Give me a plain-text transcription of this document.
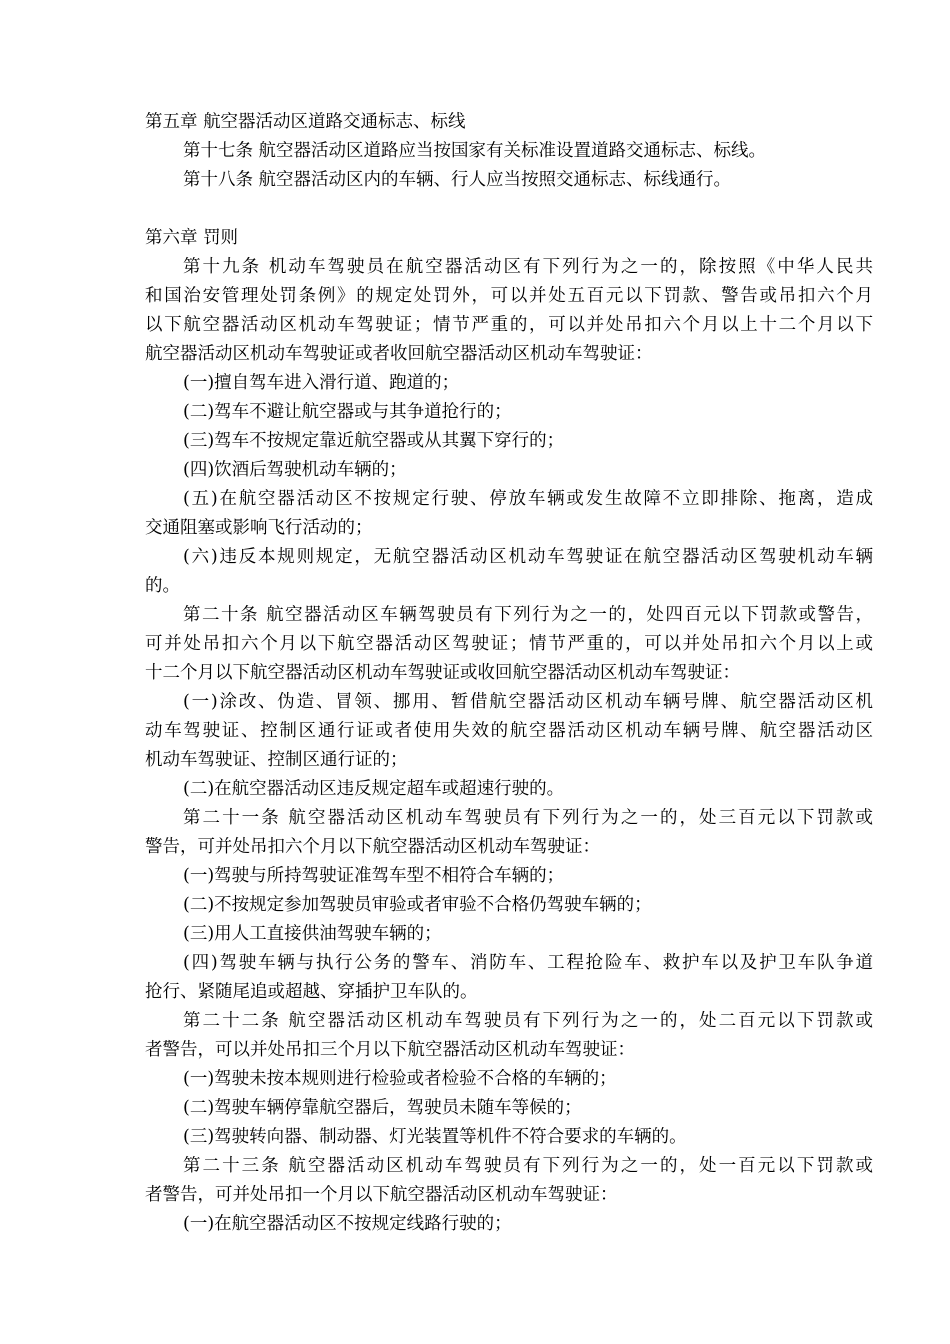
第五章 航空器活动区道路交通标志、标线
第十七条 航空器活动区道路应当按国家有关标准设置道路交通标志、标线。
第十八条 航空器活动区内的车辆、行人应当按照交通标志、标线通行。
第六章 罚则
第十九条 机动车驾驶员在航空器活动区有下列行为之一的，除按照《中华人民共
和国治安管理处罚条例》的规定处罚外，可以并处五百元以下罚款、警告或吊扣六个月
以下航空器活动区机动车驾驶证；情节严重的，可以并处吊扣六个月以上十二个月以下
航空器活动区机动车驾驶证或者收回航空器活动区机动车驾驶证：
(一)擅自驾车进入滑行道、跑道的；
(二)驾车不避让航空器或与其争道抢行的；
(三)驾车不按规定靠近航空器或从其翼下穿行的；
(四)饮酒后驾驶机动车辆的；
(五)在航空器活动区不按规定行驶、停放车辆或发生故障不立即排除、拖离，造成
交通阻塞或影响飞行活动的；
(六)违反本规则规定，无航空器活动区机动车驾驶证在航空器活动区驾驶机动车辆
的。
第二十条 航空器活动区车辆驾驶员有下列行为之一的，处四百元以下罚款或警告，
可并处吊扣六个月以下航空器活动区驾驶证；情节严重的，可以并处吊扣六个月以上或
十二个月以下航空器活动区机动车驾驶证或收回航空器活动区机动车驾驶证：
(一)涂改、伪造、冒领、挪用、暂借航空器活动区机动车辆号牌、航空器活动区机
动车驾驶证、控制区通行证或者使用失效的航空器活动区机动车辆号牌、航空器活动区
机动车驾驶证、控制区通行证的；
(二)在航空器活动区违反规定超车或超速行驶的。
第二十一条 航空器活动区机动车驾驶员有下列行为之一的，处三百元以下罚款或
警告，可并处吊扣六个月以下航空器活动区机动车驾驶证：
(一)驾驶与所持驾驶证准驾车型不相符合车辆的；
(二)不按规定参加驾驶员审验或者审验不合格仍驾驶车辆的；
(三)用人工直接供油驾驶车辆的；
(四)驾驶车辆与执行公务的警车、消防车、工程抢险车、救护车以及护卫车队争道
抢行、紧随尾追或超越、穿插护卫车队的。
第二十二条 航空器活动区机动车驾驶员有下列行为之一的，处二百元以下罚款或
者警告，可以并处吊扣三个月以下航空器活动区机动车驾驶证：
(一)驾驶未按本规则进行检验或者检验不合格的车辆的；
(二)驾驶车辆停靠航空器后，驾驶员未随车等候的；
(三)驾驶转向器、制动器、灯光装置等机件不符合要求的车辆的。
第二十三条 航空器活动区机动车驾驶员有下列行为之一的，处一百元以下罚款或
者警告，可并处吊扣一个月以下航空器活动区机动车驾驶证：
(一)在航空器活动区不按规定线路行驶的；
